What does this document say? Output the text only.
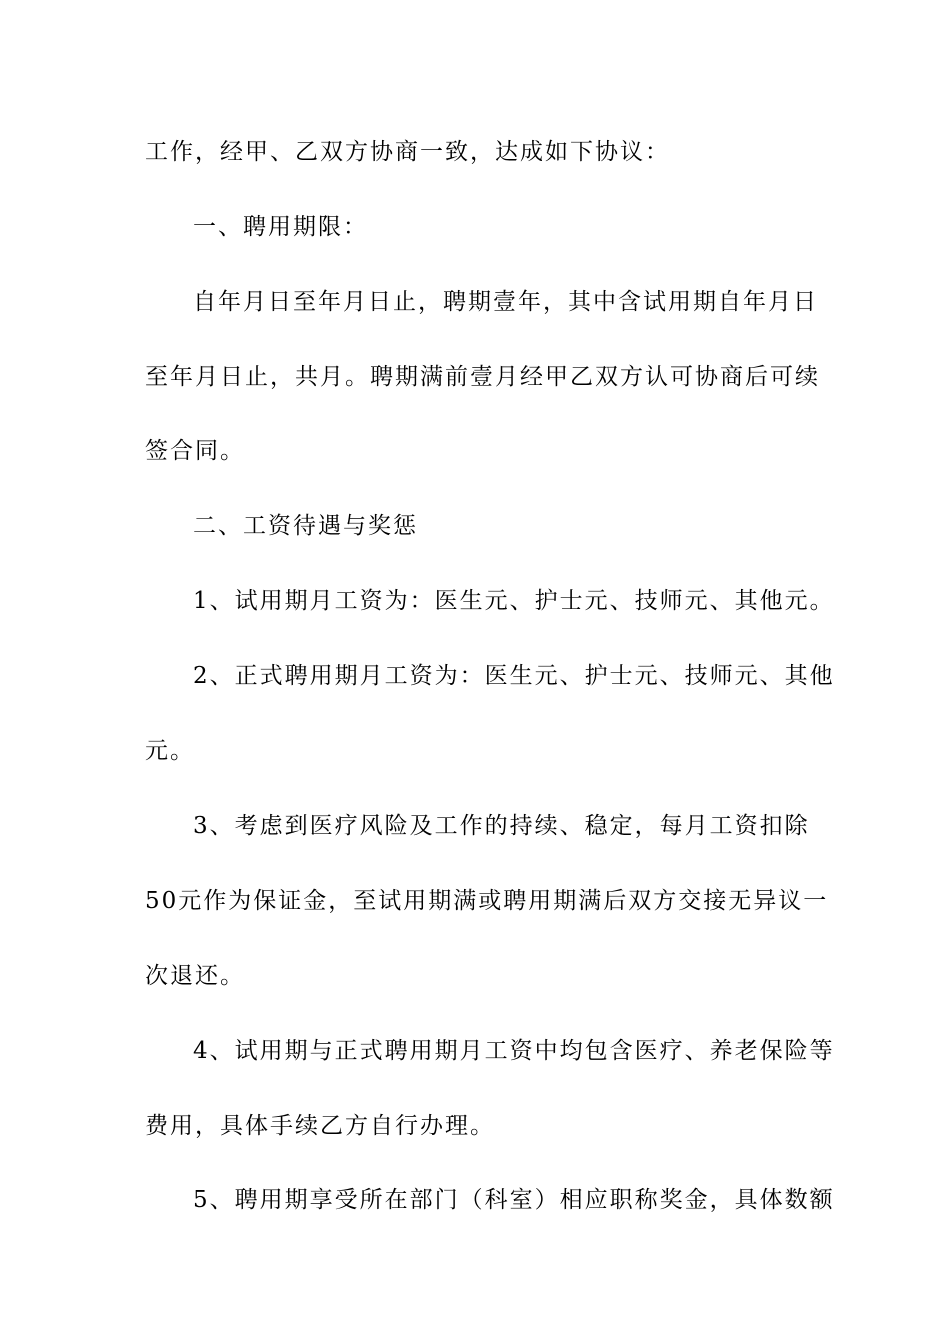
工作，经甲、乙双方协商一致，达成如下协议：
一、聘用期限：
自年月日至年月日止，聘期壹年，其中含试用期自年月日
至年月日止，共月。聘期满前壹月经甲乙双方认可协商后可续
签合同。
二、工资待遇与奖惩
1、试用期月工资为：医生元、护士元、技师元、其他元。
2、正式聘用期月工资为：医生元、护士元、技师元、其他
元。
3、考虑到医疗风险及工作的持续、稳定，每月工资扣除
50元作为保证金，至试用期满或聘用期满后双方交接无异议一
次退还。
4、试用期与正式聘用期月工资中均包含医疗、养老保险等
费用，具体手续乙方自行办理。
5、聘用期享受所在部门（科室）相应职称奖金，具体数额
